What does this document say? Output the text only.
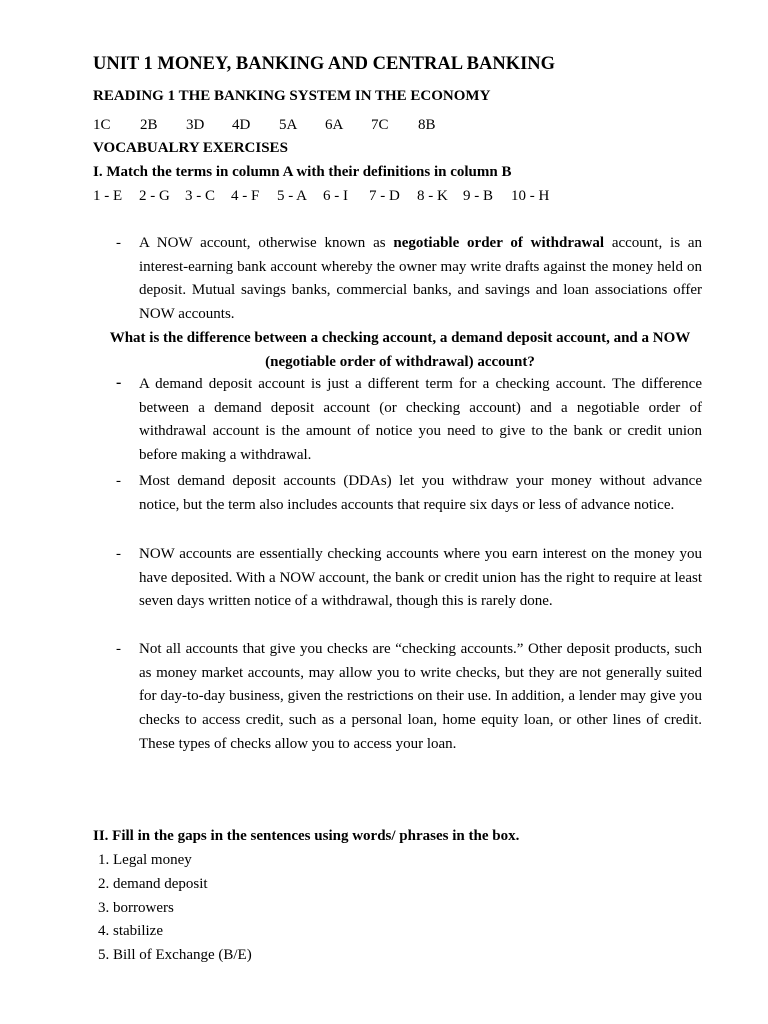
UNIT 1 MONEY, BANKING AND CENTRAL BANKING
READING 1 THE BANKING SYSTEM IN THE ECONOMY
1C 2B 3D 4D 5A 6A 7C 8B
VOCABUALRY EXERCISES
I. Match the terms in column A with their definitions in column B
1 - E 2 - G 3 - C 4 - F 5 - A 6 - I 7 - D 8 - K 9 - B 10 - H
- A NOW account, otherwise known as negotiable order of withdrawal account, is an interest-earning bank account whereby the owner may write drafts against the money held on deposit. Mutual savings banks, commercial banks, and savings and loan associations offer NOW accounts.
What is the difference between a checking account, a demand deposit account, and a NOW (negotiable order of withdrawal) account?
- A demand deposit account is just a different term for a checking account. The difference between a demand deposit account (or checking account) and a negotiable order of withdrawal account is the amount of notice you need to give to the bank or credit union before making a withdrawal.
- Most demand deposit accounts (DDAs) let you withdraw your money without advance notice, but the term also includes accounts that require six days or less of advance notice.
- NOW accounts are essentially checking accounts where you earn interest on the money you have deposited. With a NOW account, the bank or credit union has the right to require at least seven days written notice of a withdrawal, though this is rarely done.
- Not all accounts that give you checks are “checking accounts.” Other deposit products, such as money market accounts, may allow you to write checks, but they are not generally suited for day-to-day business, given the restrictions on their use. In addition, a lender may give you checks to access credit, such as a personal loan, home equity loan, or other lines of credit. These types of checks allow you to access your loan.
II. Fill in the gaps in the sentences using words/ phrases in the box.
1. Legal money
2. demand deposit
3. borrowers
4. stabilize
5. Bill of Exchange (B/E)
